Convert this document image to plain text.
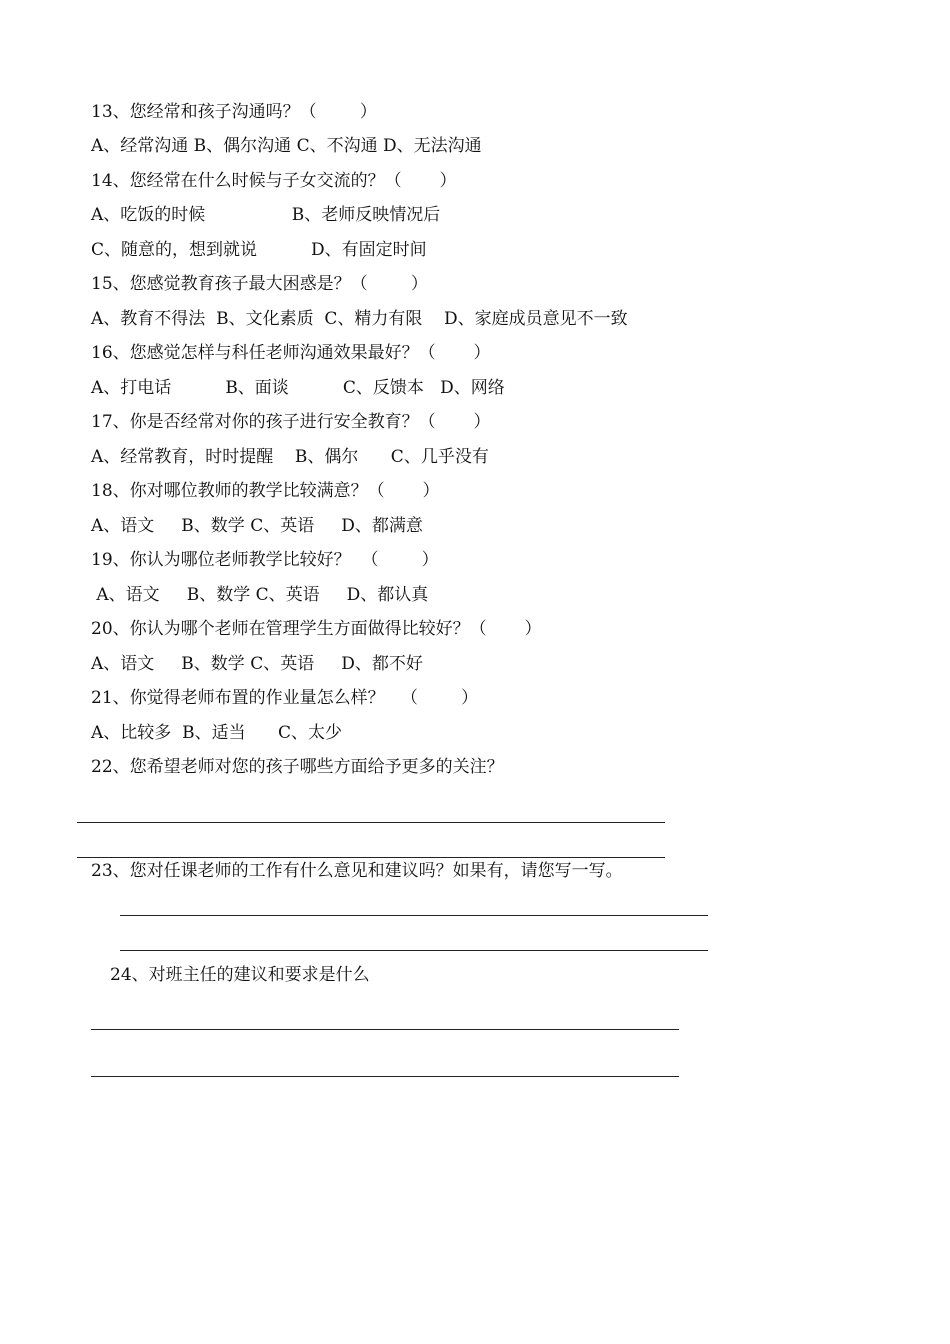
13、您经常和孩子沟通吗？（        ）
A、经常沟通 B、偶尔沟通 C、不沟通 D、无法沟通
14、您经常在什么时候与子女交流的？（       ）
A、吃饭的时候                B、老师反映情况后
C、随意的，想到就说          D、有固定时间
15、您感觉教育孩子最大困惑是？（        ）
A、教育不得法  B、文化素质  C、精力有限    D、家庭成员意见不一致
16、您感觉怎样与科任老师沟通效果最好？（       ）
A、打电话          B、面谈          C、反馈本   D、网络
17、你是否经常对你的孩子进行安全教育？（       ）
A、经常教育，时时提醒    B、偶尔      C、几乎没有
18、你对哪位教师的教学比较满意？（       ）
A、语文     B、数学 C、英语     D、都满意
19、你认为哪位老师教学比较好？  （        ）
A、语文     B、数学 C、英语     D、都认真
20、你认为哪个老师在管理学生方面做得比较好？（       ）
A、语文     B、数学 C、英语     D、都不好
21、你觉得老师布置的作业量怎么样？   （        ）
A、比较多  B、适当      C、太少
22、您希望老师对您的孩子哪些方面给予更多的关注？
23、您对任课老师的工作有什么意见和建议吗？如果有，请您写一写。
24、对班主任的建议和要求是什么
